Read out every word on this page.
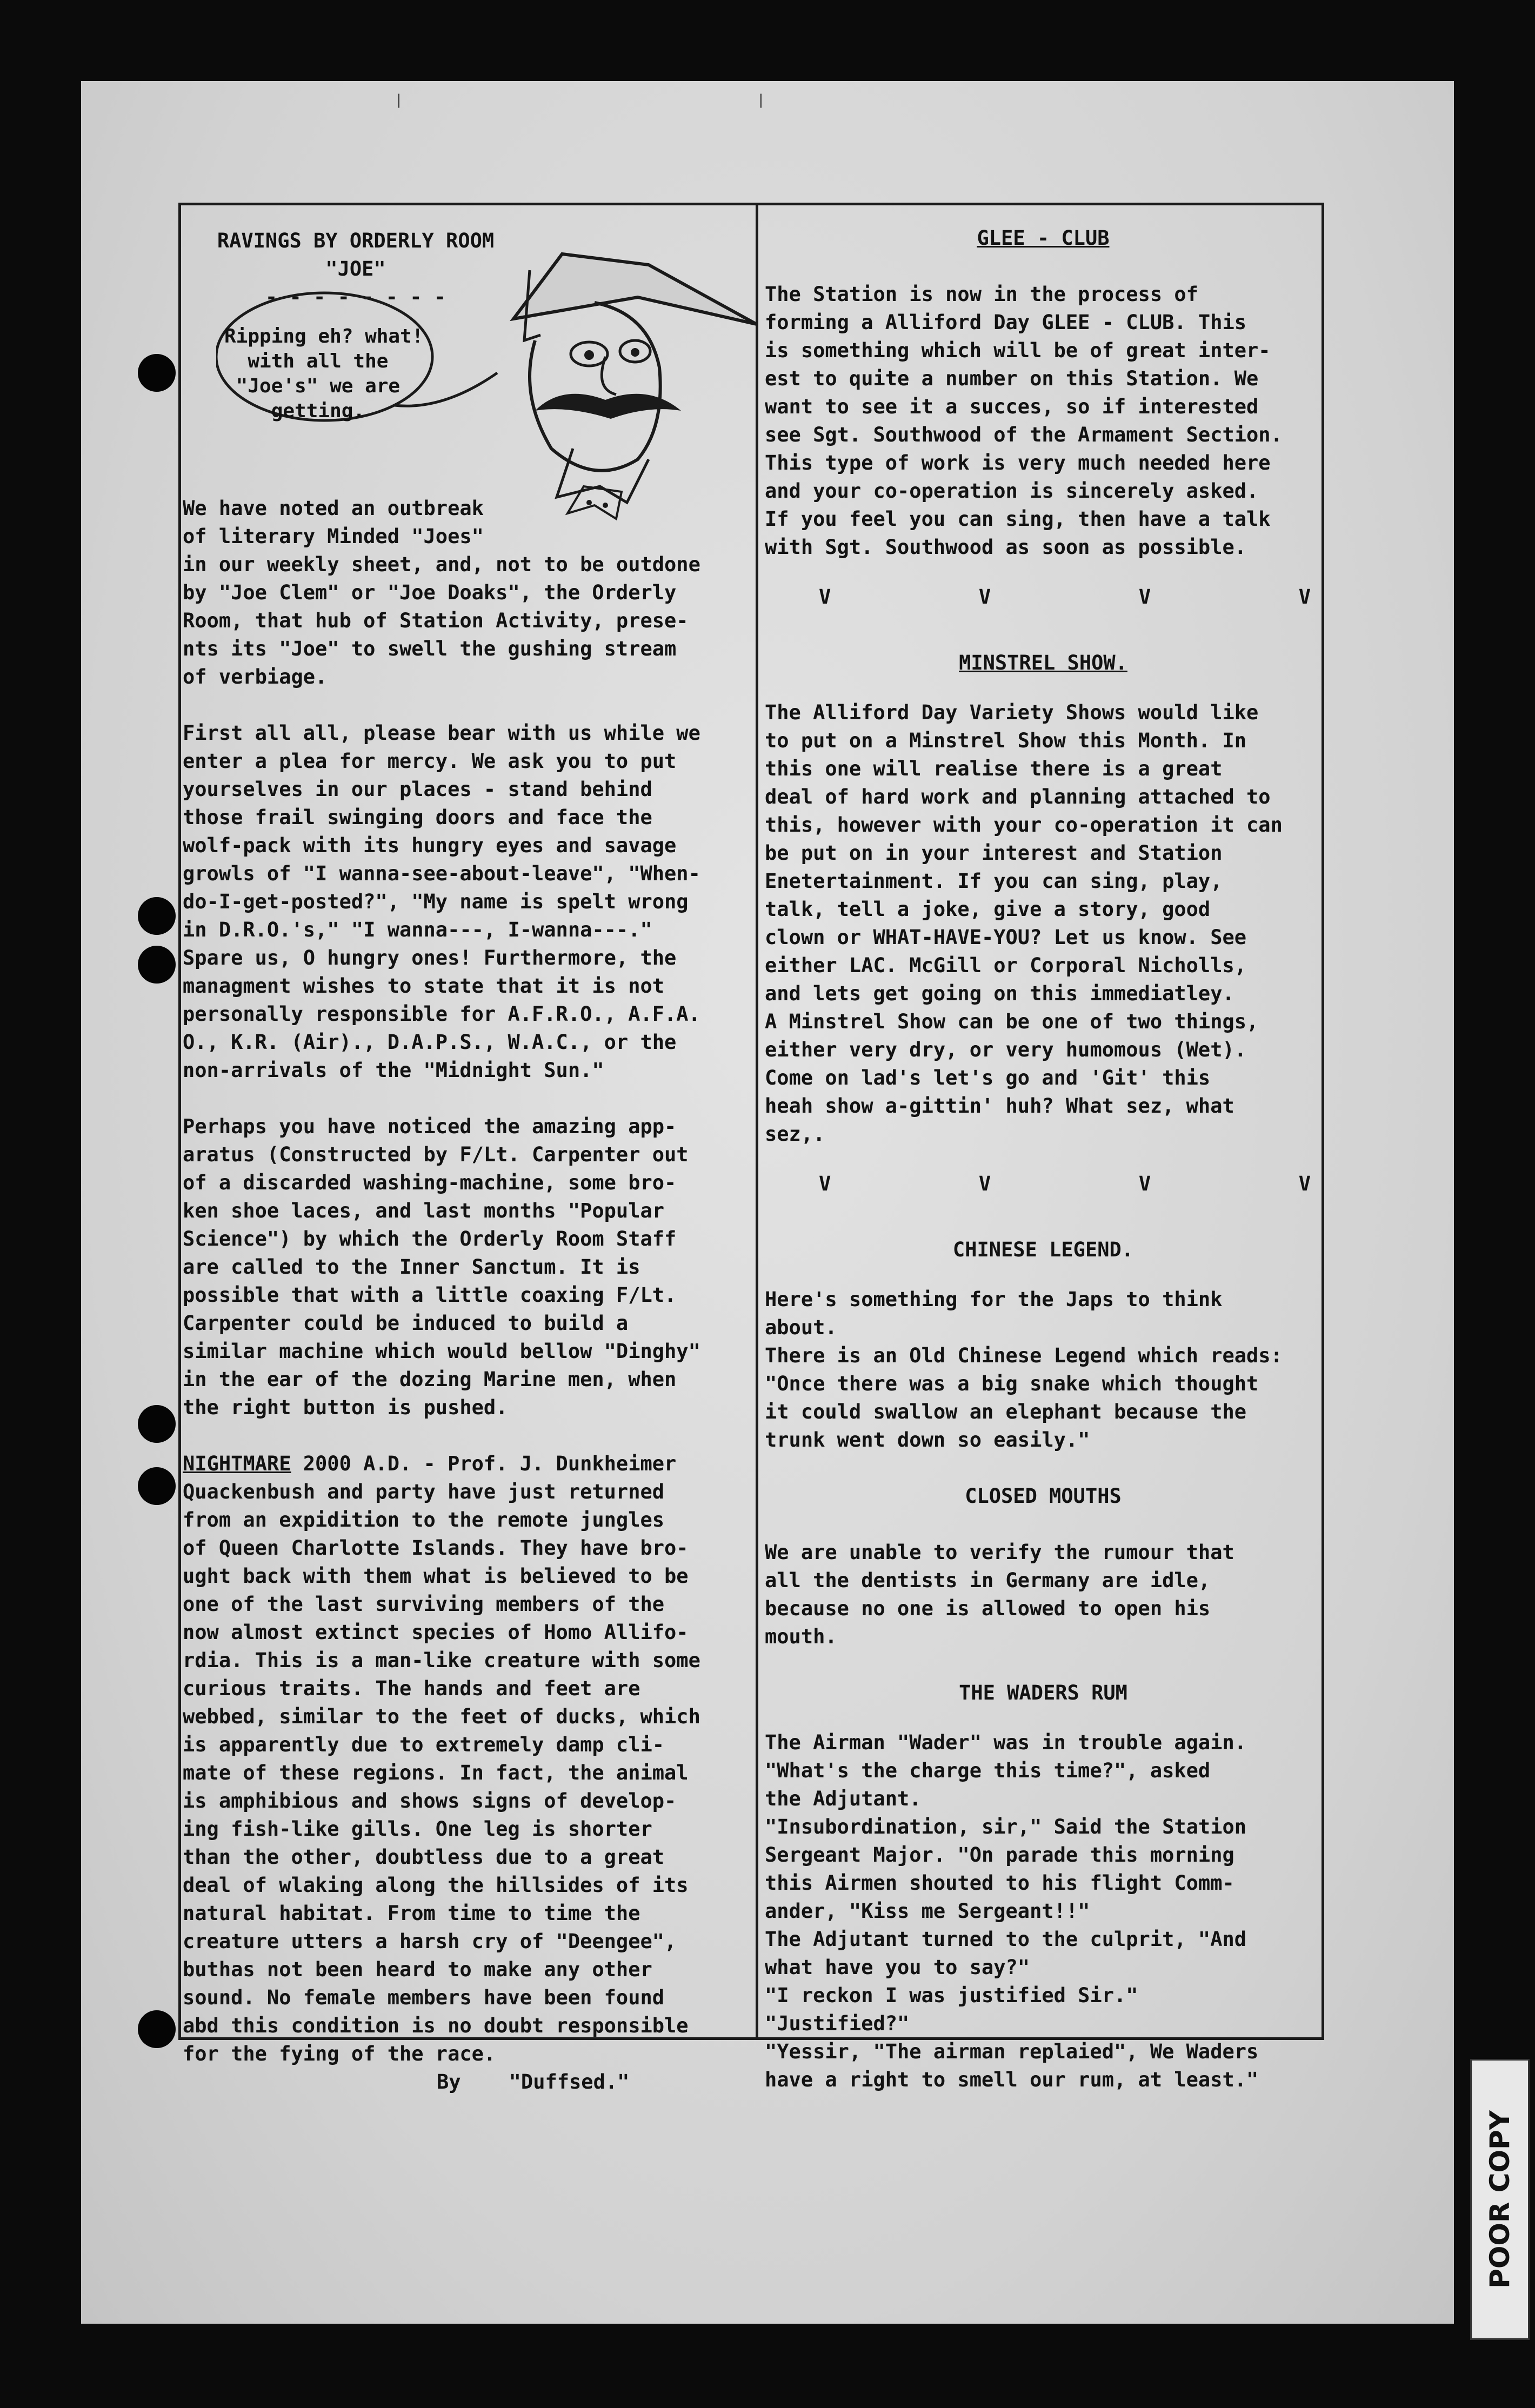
|	|

RAVINGS BY ORDERLY ROOM

"JOE"

- - - - - - - -

Ripping eh? what!
with all the
"Joe's" we are
getting.

We have noted an outbreak
of literary Minded "Joes"
in our weekly sheet, and, not to be outdone
by "Joe Clem" or "Joe Doaks", the Orderly
Room, that hub of Station Activity, prese-
nts its "Joe" to swell the gushing stream
of verbiage.

First all all, please bear with us while we
enter a plea for mercy. We ask you to put
yourselves in our places - stand behind
those frail swinging doors and face the
wolf-pack with its hungry eyes and savage
growls of "I wanna-see-about-leave", "When-
do-I-get-posted?", "My name is spelt wrong
in D.R.O.'s," "I wanna---, I-wanna---."
Spare us, O hungry ones! Furthermore, the
managment wishes to state that it is not
personally responsible for A.F.R.O., A.F.A.
O., K.R. (Air)., D.A.P.S., W.A.C., or the
non-arrivals of the "Midnight Sun."

Perhaps you have noticed the amazing app-
aratus (Constructed by F/Lt. Carpenter out
of a discarded washing-machine, some bro-
ken shoe laces, and last months "Popular
Science") by which the Orderly Room Staff
are called to the Inner Sanctum. It is
possible that with a little coaxing F/Lt.
Carpenter could be induced to build a
similar machine which would bellow "Dinghy"
in the ear of the dozing Marine men, when
the right button is pushed.

NIGHTMARE 2000 A.D. - Prof. J. Dunkheimer
Quackenbush and party have just returned
from an expidition to the remote jungles
of Queen Charlotte Islands. They have bro-
ught back with them what is believed to be
one of the last surviving members of the
now almost extinct species of Homo Allifo-
rdia. This is a man-like creature with some
curious traits. The hands and feet are
webbed, similar to the feet of ducks, which
is apparently due to extremely damp cli-
mate of these regions. In fact, the animal
is amphibious and shows signs of develop-
ing fish-like gills. One leg is shorter
than the other, doubtless due to a great
deal of wlaking along the hillsides of its
natural habitat. From time to time the
creature utters a harsh cry of "Deengee",
buthas not been heard to make any other
sound. No female members have been found
abd this condition is no doubt responsible
for the fying of the race.

By    "Duffsed."

GLEE - CLUB

The Station is now in the process of
forming a Alliford Day GLEE - CLUB. This
is something which will be of great inter-
est to quite a number on this Station. We
want to see it a succes, so if interested
see Sgt. Southwood of the Armament Section.
This type of work is very much needed here
and your co-operation is sincerely asked.
If you feel you can sing, then have a talk
with Sgt. Southwood as soon as possible.

V	V	V	V

MINSTREL SHOW.

The Alliford Day Variety Shows would like
to put on a Minstrel Show this Month. In
this one will realise there is a great
deal of hard work and planning attached to
this, however with your co-operation it can
be put on in your interest and Station
Enetertainment. If you can sing, play,
talk, tell a joke, give a story, good
clown or WHAT-HAVE-YOU? Let us know. See
either LAC. McGill or Corporal Nicholls,
and lets get going on this immediatley.
A Minstrel Show can be one of two things,
either very dry, or very humomous (Wet).
Come on lad's let's go and 'Git' this
heah show a-gittin' huh? What sez, what
sez,.

V	V	V	V

CHINESE LEGEND.

Here's something for the Japs to think
about.
There is an Old Chinese Legend which reads:
"Once there was a big snake which thought
it could swallow an elephant because the
trunk went down so easily."

CLOSED MOUTHS

We are unable to verify the rumour that
all the dentists in Germany are idle,
because no one is allowed to open his
mouth.

THE WADERS RUM

The Airman "Wader" was in trouble again.
"What's the charge this time?", asked
the Adjutant.
"Insubordination, sir," Said the Station
Sergeant Major. "On parade this morning
this Airmen shouted to his flight Comm-
ander, "Kiss me Sergeant!!"
The Adjutant turned to the culprit, "And
what have you to say?"
"I reckon I was justified Sir."
"Justified?"
"Yessir, "The airman replaied", We Waders
have a right to smell our rum, at least."

POOR COPY
